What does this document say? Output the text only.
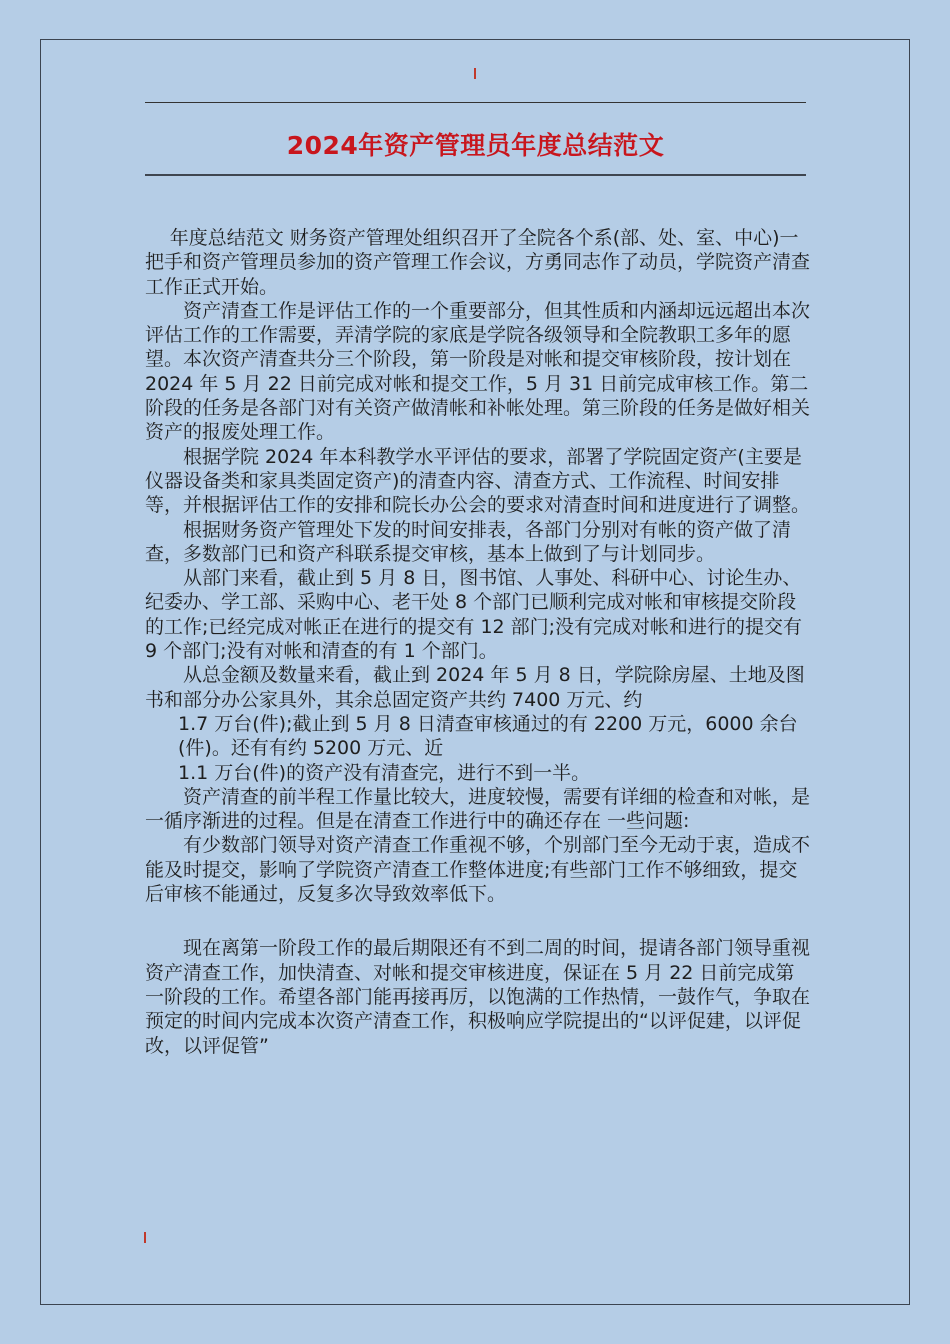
2024年资产管理员年度总结范文

年度总结范文 财务资产管理处组织召开了全院各个系(部、处、室、中心)一把手和资产管理员参加的资产管理工作会议，方勇同志作了动员，学院资产清查工作正式开始。

资产清查工作是评估工作的一个重要部分，但其性质和内涵却远远超出本次评估工作的工作需要，弄清学院的家底是学院各级领导和全院教职工多年的愿望。本次资产清查共分三个阶段，第一阶段是对帐和提交审核阶段，按计划在 2024 年 5 月 22 日前完成对帐和提交工作，5 月 31 日前完成审核工作。第二阶段的任务是各部门对有关资产做清帐和补帐处理。第三阶段的任务是做好相关资产的报废处理工作。

根据学院 2024 年本科教学水平评估的要求，部署了学院固定资产(主要是仪器设备类和家具类固定资产)的清查内容、清查方式、工作流程、时间安排等，并根据评估工作的安排和院长办公会的要求对清查时间和进度进行了调整。

根据财务资产管理处下发的时间安排表，各部门分别对有帐的资产做了清查，多数部门已和资产科联系提交审核，基本上做到了与计划同步。

从部门来看，截止到 5 月 8 日，图书馆、人事处、科研中心、讨论生办、纪委办、学工部、采购中心、老干处 8 个部门已顺利完成对帐和审核提交阶段的工作;已经完成对帐正在进行的提交有 12 部门;没有完成对帐和进行的提交有 9 个部门;没有对帐和清查的有 1 个部门。

从总金额及数量来看，截止到 2024 年 5 月 8 日，学院除房屋、土地及图书和部分办公家具外，其余总固定资产共约 7400 万元、约

1.7 万台(件);截止到 5 月 8 日清查审核通过的有 2200 万元，6000 余台(件)。还有有约 5200 万元、近

1.1 万台(件)的资产没有清查完，进行不到一半。

资产清查的前半程工作量比较大，进度较慢，需要有详细的检查和对帐，是一循序渐进的过程。但是在清查工作进行中的确还存在 一些问题:

有少数部门领导对资产清查工作重视不够，个别部门至今无动于衷，造成不能及时提交，影响了学院资产清查工作整体进度;有些部门工作不够细致，提交后审核不能通过，反复多次导致效率低下。

现在离第一阶段工作的最后期限还有不到二周的时间，提请各部门领导重视资产清查工作，加快清查、对帐和提交审核进度，保证在 5 月 22 日前完成第一阶段的工作。希望各部门能再接再厉，以饱满的工作热情，一鼓作气，争取在预定的时间内完成本次资产清查工作，积极响应学院提出的“以评促建，以评促改，以评促管”
